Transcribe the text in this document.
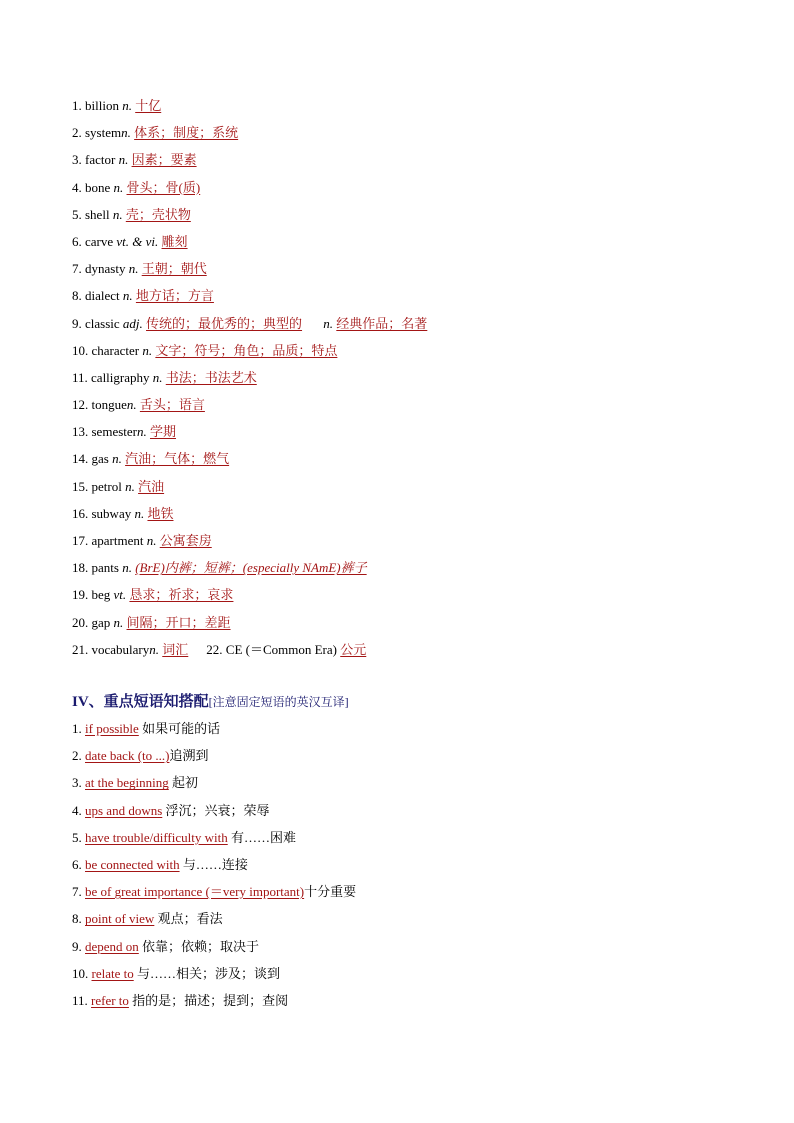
1. billion n. 十亿
2. systemn. 体系；制度；系统
3. factor n. 因素；要素
4. bone n. 骨头；骨(质)
5. shell n. 壳；壳状物
6. carve vt. & vi. 雕刻
7. dynasty n. 王朝；朝代
8. dialect n. 地方话；方言
9. classic adj. 传统的；最优秀的；典型的 n. 经典作品；名著
10. character n. 文字；符号；角色；品质；特点
11. calligraphy n. 书法；书法艺术
12. tonguen. 舌头；语言
13. semestern. 学期
14. gas n. 汽油；气体；燃气
15. petrol n. 汽油
16. subway n. 地铁
17. apartment n. 公寓套房
18. pants n. (BrE)内裤；短裤；(especially NAmE)裤子
19. beg vt. 恳求；祈求；哀求
20. gap n. 间隔；开口；差距
21. vocabularyn. 词汇 22. CE (＝Common Era) 公元
IV、重点短语知搭配[注意固定短语的英汉互译]
1. if possible 如果可能的话
2. date back (to ...)追溯到
3. at the beginning 起初
4. ups and downs 浮沉；兴衰；荣辱
5. have trouble/difficulty with 有……困难
6. be connected with 与……连接
7. be of great importance (＝very important)十分重要
8. point of view 观点；看法
9. depend on 依靠；依赖；取决于
10. relate to 与……相关；涉及；谈到
11. refer to 指的是；描述；提到；查阅
